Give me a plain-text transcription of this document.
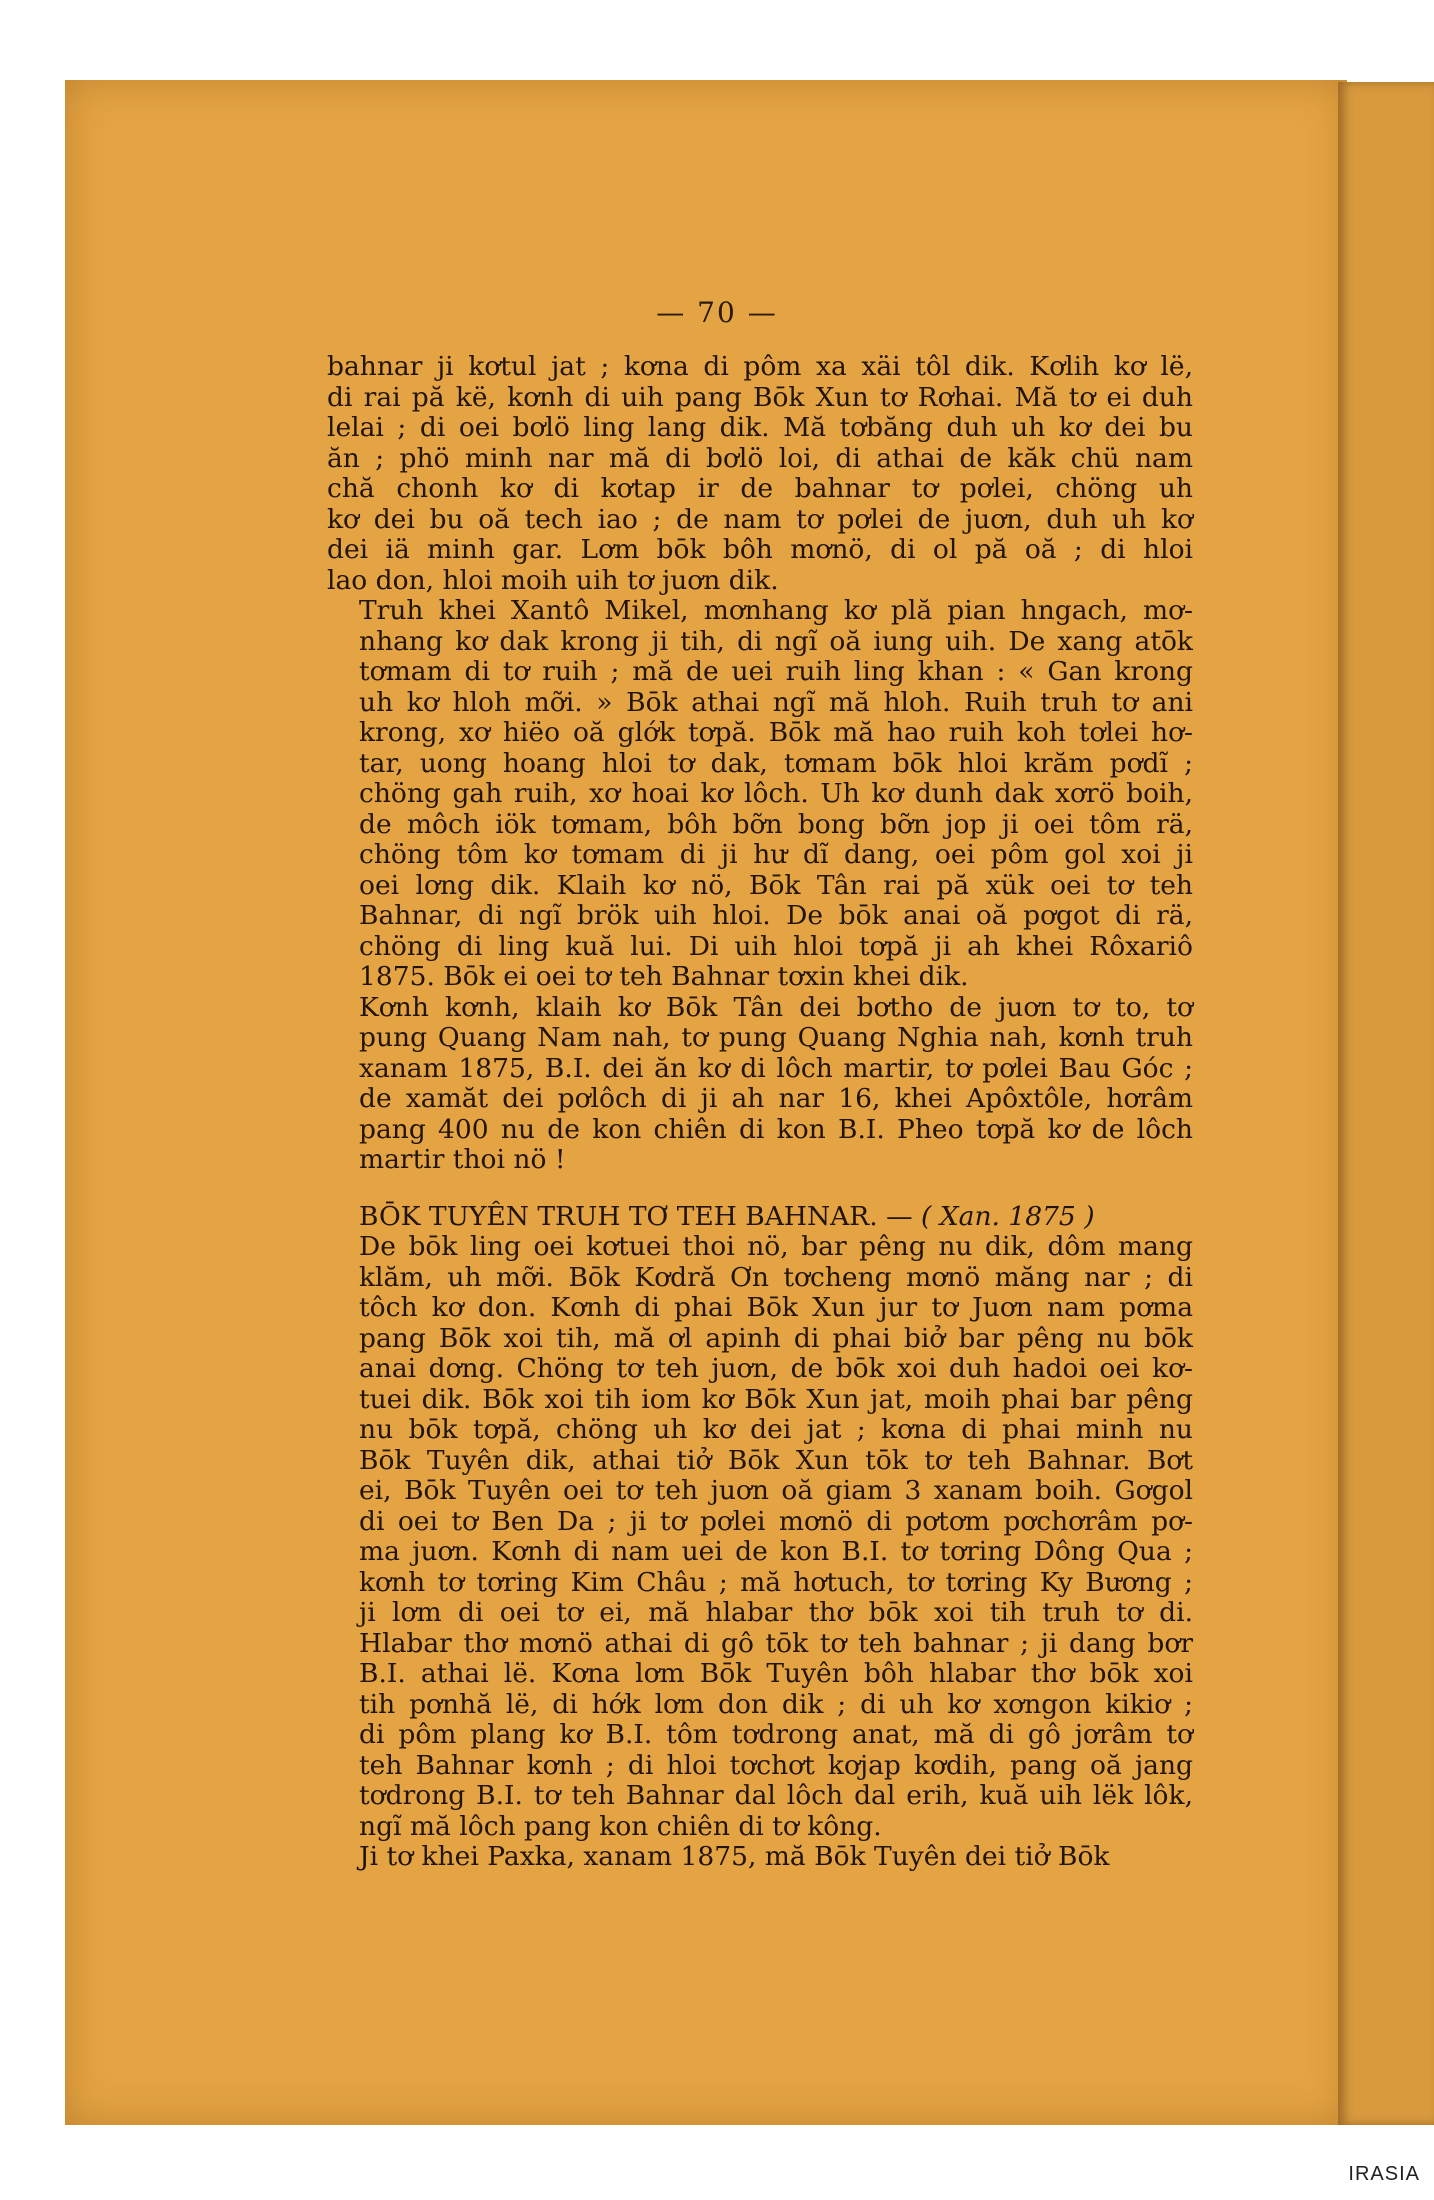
— 70 —

bahnar ji kơtul jat ; kơna di pôm xa xäi tôl dik. Kơlih kơ lë,
di rai pă kë, kơnh di uih pang Bōk Xun tơ Rơhai. Mă tơ ei duh
lelai ; di oei bơlö ling lang dik. Mă tơbăng duh uh kơ dei bu
ăn ; phö minh nar mă di bơlö loi, di athai de kăk chü nam
chă chonh kơ di kơtap ir de bahnar tơ pơlei, chöng uh
kơ dei bu oă tech iao ; de nam tơ pơlei de juơn, duh uh kơ
dei iä minh gar. Lơm bōk bôh mơnö, di ol pă oă ; di hloi
lao don, hloi moih uih tơ juơn dik.

Truh khei Xantô Mikel, mơnhang kơ plă pian hngach, mơ-
nhang kơ dak krong ji tih, di ngĩ oă iung uih. De xang atōk
tơmam di tơ ruih ; mă de uei ruih ling khan : « Gan krong
uh kơ hloh mỡi. » Bōk athai ngĩ mă hloh. Ruih truh tơ ani
krong, xơ hiëo oă glớk tơpă. Bōk mă hao ruih koh tơlei hơ-
tar, uong hoang hloi tơ dak, tơmam bōk hloi krăm pơdĩ ;
chöng gah ruih, xơ hoai kơ lôch. Uh kơ dunh dak xơrö boih,
de môch iök tơmam, bôh bỡn bong bỡn jop ji oei tôm rä,
chöng tôm kơ tơmam di ji hư dĩ dang, oei pôm gol xoi ji
oei lơng dik. Klaih kơ nö, Bōk Tân rai pă xük oei tơ teh
Bahnar, di ngĩ brök uih hloi. De bōk anai oă pơgot di rä,
chöng di ling kuă lui. Di uih hloi tơpă ji ah khei Rôxariô
1875. Bōk ei oei tơ teh Bahnar tơxin khei dik.

Kơnh kơnh, klaih kơ Bōk Tân dei bơtho de juơn tơ to, tơ
pung Quang Nam nah, tơ pung Quang Nghia nah, kơnh truh
xanam 1875, B.I. dei ăn kơ di lôch martir, tơ pơlei Bau Góc ;
de xamăt dei pơlôch di ji ah nar 16, khei Apôxtôle, hơrâm
pang 400 nu de kon chiên di kon B.I. Pheo tơpă kơ de lôch
martir thoi nö !

BŌK TUYÊN TRUH TƠ TEH BAHNAR. — ( Xan. 1875 )
De bōk ling oei kơtuei thoi nö, bar pêng nu dik, dôm mang
klăm, uh mỡi. Bōk Kơdră Ơn tơcheng mơnö măng nar ; di
tôch kơ don. Kơnh di phai Bōk Xun jur tơ Juơn nam pơma
pang Bōk xoi tih, mă ơl apinh di phai biở bar pêng nu bōk
anai dơng. Chöng tơ teh juơn, de bōk xoi duh hadoi oei kơ-
tuei dik. Bōk xoi tih iom kơ Bōk Xun jat, moih phai bar pêng
nu bōk tơpă, chöng uh kơ dei jat ; kơna di phai minh nu
Bōk Tuyên dik, athai tiở Bōk Xun tōk tơ teh Bahnar. Bơt
ei, Bōk Tuyên oei tơ teh juơn oă giam 3 xanam boih. Gơgol
di oei tơ Ben Da ; ji tơ pơlei mơnö di pơtơm pơchơrâm pơ-
ma juơn. Kơnh di nam uei de kon B.I. tơ tơring Dông Qua ;
kơnh tơ tơring Kim Châu ; mă hơtuch, tơ tơring Ky Bương ;
ji lơm di oei tơ ei, mă hlabar thơ bōk xoi tih truh tơ di.
Hlabar thơ mơnö athai di gô tōk tơ teh bahnar ; ji dang bơr
B.I. athai lë. Kơna lơm Bōk Tuyên bôh hlabar thơ bōk xoi
tih pơnhă lë, di hớk lơm don dik ; di uh kơ xơngon kikiơ ;
di pôm plang kơ B.I. tôm tơdrong anat, mă di gô jơrâm tơ
teh Bahnar kơnh ; di hloi tơchơt kơjap kơdih, pang oă jang
tơdrong B.I. tơ teh Bahnar dal lôch dal erih, kuă uih lëk lôk,
ngĩ mă lôch pang kon chiên di tơ kông.

Ji tơ khei Paxka, xanam 1875, mă Bōk Tuyên dei tiở Bōk

IRASIA
